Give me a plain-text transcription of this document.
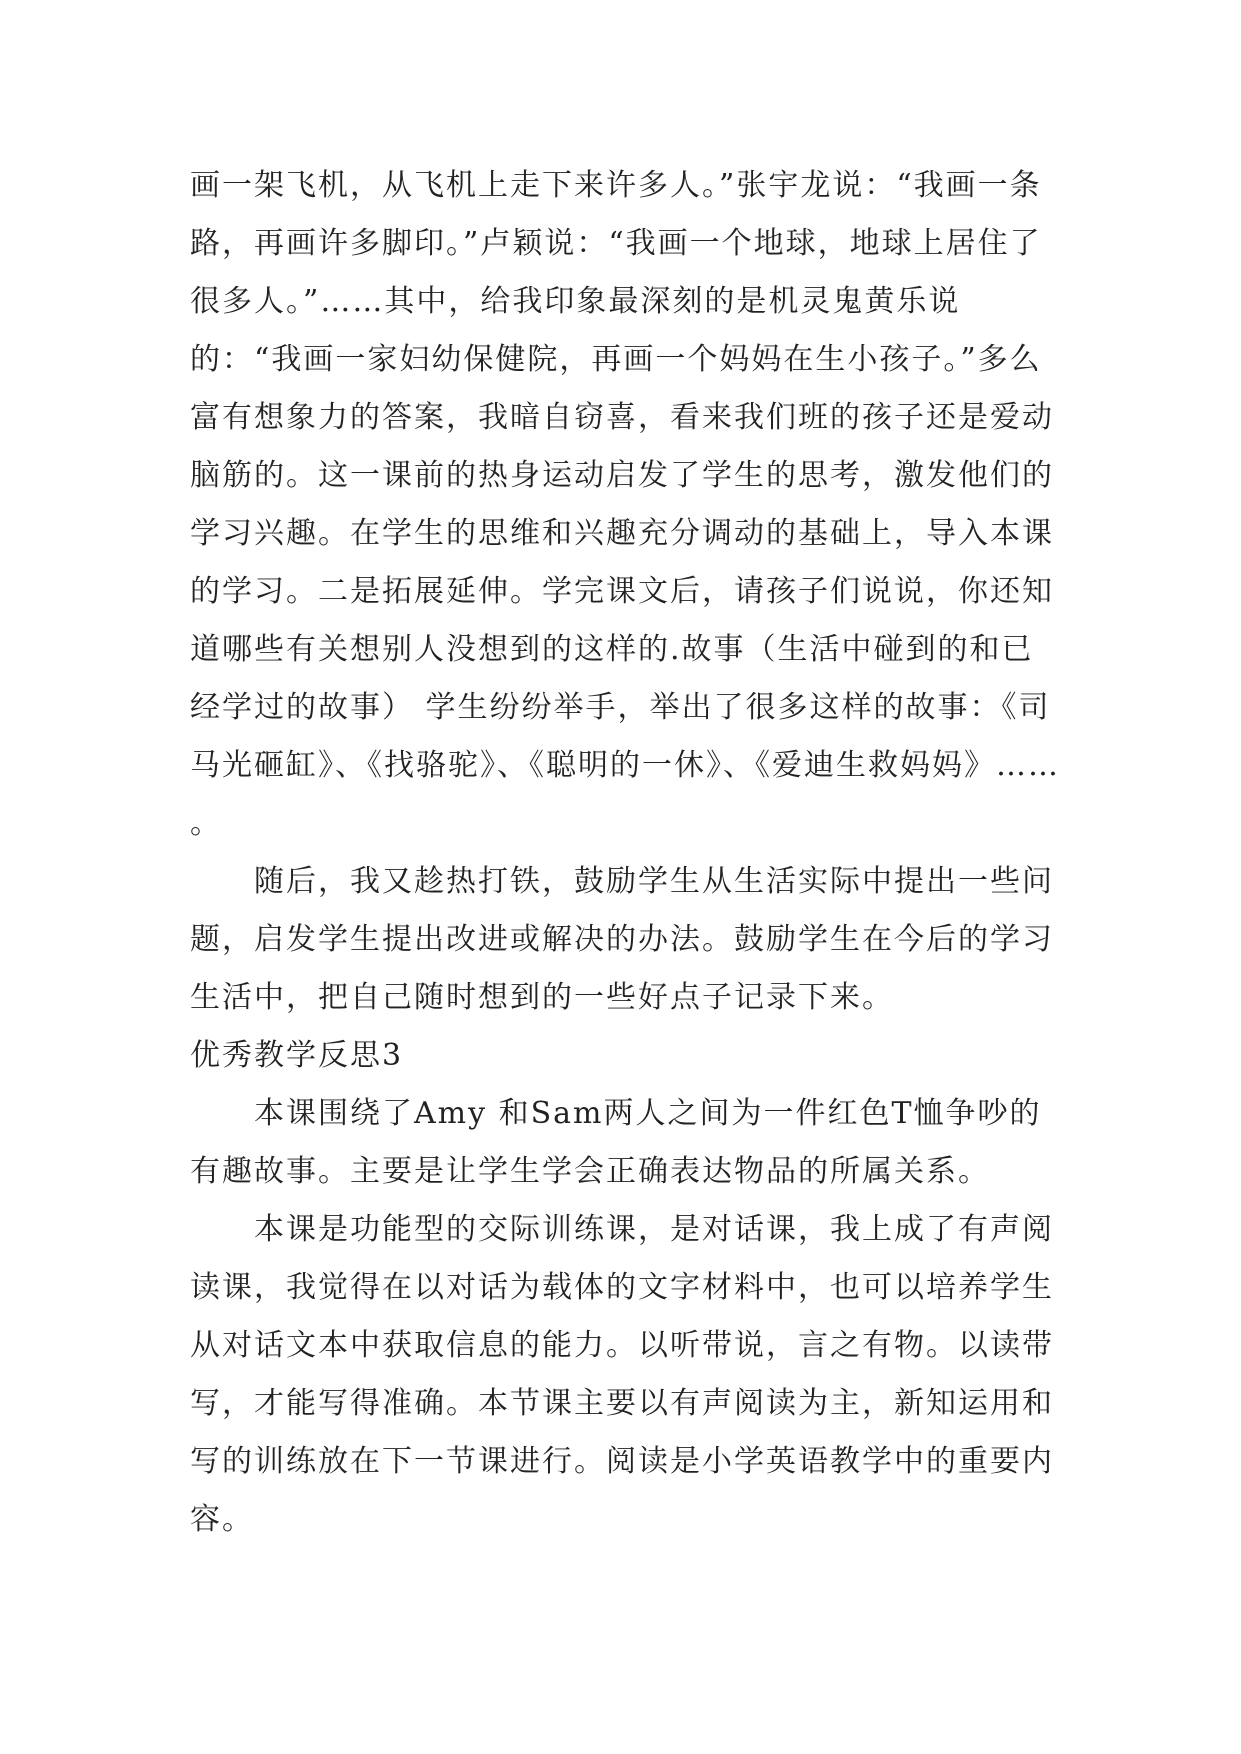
画一架飞机，从飞机上走下来许多人。”张宇龙说：“我画一条路，再画许多脚印。”卢颖说：“我画一个地球，地球上居住了很多人。”……其中，给我印象最深刻的是机灵鬼黄乐说的：“我画一家妇幼保健院，再画一个妈妈在生小孩子。”多么富有想象力的答案，我暗自窃喜，看来我们班的孩子还是爱动脑筋的。这一课前的热身运动启发了学生的思考，激发他们的学习兴趣。在学生的思维和兴趣充分调动的基础上，导入本课的学习。二是拓展延伸。学完课文后，请孩子们说说，你还知道哪些有关想别人没想到的这样的.故事（生活中碰到的和已经学过的故事） 学生纷纷举手，举出了很多这样的故事：《司马光砸缸》、《找骆驼》、《聪明的一休》、《爱迪生救妈妈》…… 。

随后，我又趁热打铁，鼓励学生从生活实际中提出一些问题，启发学生提出改进或解决的办法。鼓励学生在今后的学习生活中，把自己随时想到的一些好点子记录下来。

优秀教学反思3

本课围绕了Amy 和Sam两人之间为一件红色T恤争吵的有趣故事。主要是让学生学会正确表达物品的所属关系。

本课是功能型的交际训练课，是对话课，我上成了有声阅读课，我觉得在以对话为载体的文字材料中，也可以培养学生从对话文本中获取信息的能力。以听带说，言之有物。以读带写，才能写得准确。本节课主要以有声阅读为主，新知运用和写的训练放在下一节课进行。阅读是小学英语教学中的重要内容。
